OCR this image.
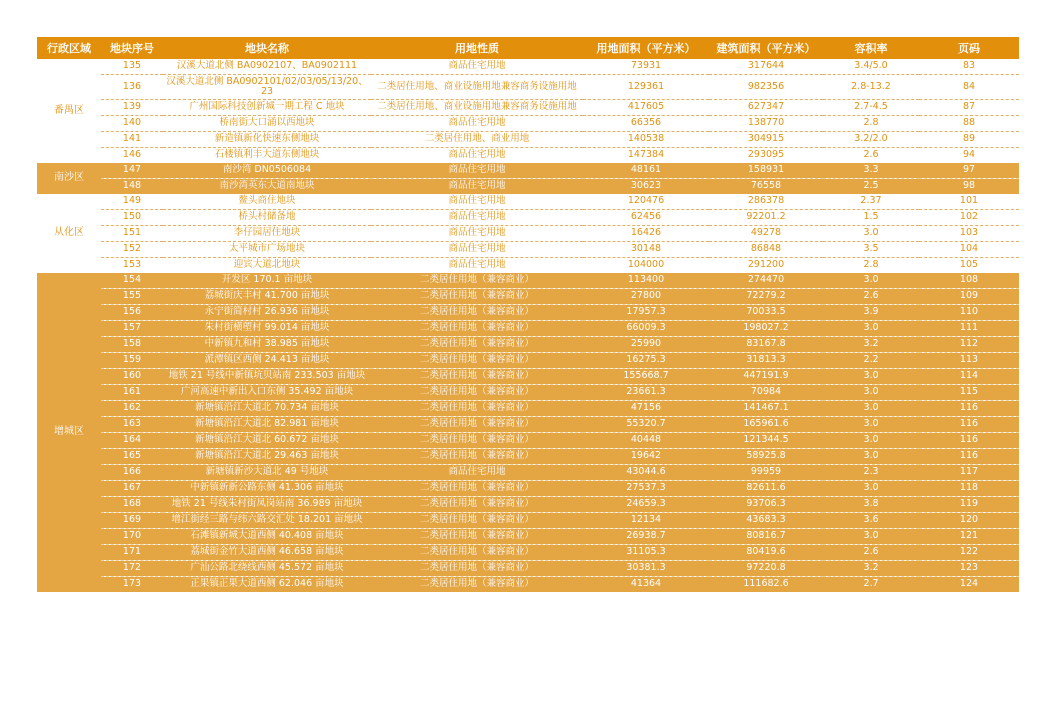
行政区域	地块序号	地块名称	用地性质	用地面积（平方米）	建筑面积（平方米）	容积率	页码
番禺区	135	汉溪大道北侧 BA0902107、BA0902111	商品住宅用地	73931	317644	3.4/5.0	83
	136	汉溪大道北侧 BA0902101/02/03/05/13/20、23	二类居住用地、商业设施用地兼容商务设施用地	129361	982356	2.8-13.2	84
	139	广州国际科技创新城一期工程 C 地块	二类居住用地、商业设施用地兼容商务设施用地	417605	627347	2.7-4.5	87
	140	桥南街大口涌以西地块	商品住宅用地	66356	138770	2.8	88
	141	新造镇新化快速东侧地块	二类居住用地、商业用地	140538	304915	3.2/2.0	89
	146	石楼镇利丰大道东侧地块	商品住宅用地	147384	293095	2.6	94
南沙区	147	南沙湾 DN0506084	商品住宅用地	48161	158931	3.3	97
	148	南沙湾英东大道南地块	商品住宅用地	30623	76558	2.5	98
从化区	149	鳌头商住地块	商品住宅用地	120476	286378	2.37	101
	150	桥头村储备地	商品住宅用地	62456	92201.2	1.5	102
	151	李仔园居住地块	商品住宅用地	16426	49278	3.0	103
	152	太平城市广场地块	商品住宅用地	30148	86848	3.5	104
	153	迎宾大道北地块	商品住宅用地	104000	291200	2.8	105
增城区	154	开发区 170.1 亩地块	二类居住用地（兼容商业）	113400	274470	3.0	108
	155	荔城街庆丰村 41.700 亩地块	二类居住用地（兼容商业）	27800	72279.2	2.6	109
	156	永宁街简村村 26.936 亩地块	二类居住用地（兼容商业）	17957.3	70033.5	3.9	110
	157	朱村街横塱村 99.014 亩地块	二类居住用地（兼容商业）	66009.3	198027.2	3.0	111
	158	中新镇九和村 38.985 亩地块	二类居住用地（兼容商业）	25990	83167.8	3.2	112
	159	派潭镇区西侧 24.413 亩地块	二类居住用地（兼容商业）	16275.3	31813.3	2.2	113
	160	地铁 21 号线中新镇坑贝站南 233.503 亩地块	二类居住用地（兼容商业）	155668.7	447191.9	3.0	114
	161	广河高速中新出入口东侧 35.492 亩地块	二类居住用地（兼容商业）	23661.3	70984	3.0	115
	162	新塘镇沿江大道北 70.734 亩地块	二类居住用地（兼容商业）	47156	141467.1	3.0	116
	163	新塘镇沿江大道北 82.981 亩地块	二类居住用地（兼容商业）	55320.7	165961.6	3.0	116
	164	新塘镇沿江大道北 60.672 亩地块	二类居住用地（兼容商业）	40448	121344.5	3.0	116
	165	新塘镇沿江大道北 29.463 亩地块	二类居住用地（兼容商业）	19642	58925.8	3.0	116
	166	新塘镇新沙大道北 49 号地块	商品住宅用地	43044.6	99959	2.3	117
	167	中新镇新新公路东侧 41.306 亩地块	二类居住用地（兼容商业）	27537.3	82611.6	3.0	118
	168	地铁 21 号线朱村街凤岗站南 36.989 亩地块	二类居住用地（兼容商业）	24659.3	93706.3	3.8	119
	169	增江街经三路与纬六路交汇处 18.201 亩地块	二类居住用地（兼容商业）	12134	43683.3	3.6	120
	170	石滩镇新城大道西侧 40.408 亩地块	二类居住用地（兼容商业）	26938.7	80816.7	3.0	121
	171	荔城街金竹大道西侧 46.658 亩地块	二类居住用地（兼容商业）	31105.3	80419.6	2.6	122
	172	广汕公路北绕线西侧 45.572 亩地块	二类居住用地（兼容商业）	30381.3	97220.8	3.2	123
	173	正果镇正果大道西侧 62.046 亩地块	二类居住用地（兼容商业）	41364	111682.6	2.7	124
